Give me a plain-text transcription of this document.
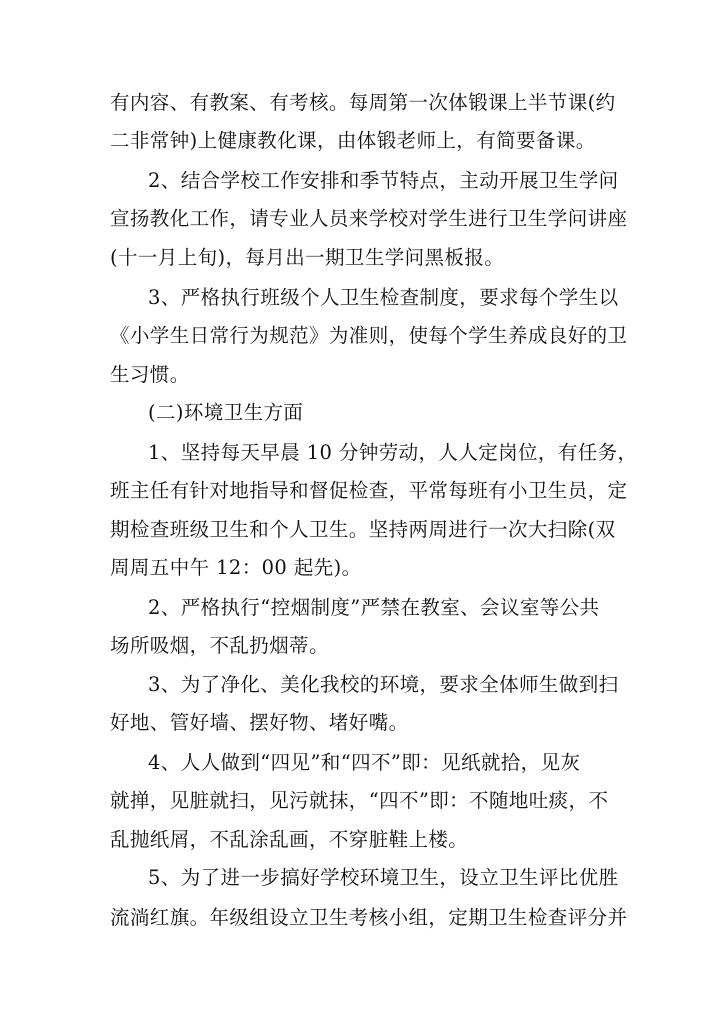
有内容、有教案、有考核。每周第一次体锻课上半节课(约
二非常钟)上健康教化课，由体锻老师上，有简要备课。
2、结合学校工作安排和季节特点，主动开展卫生学问
宣扬教化工作，请专业人员来学校对学生进行卫生学问讲座
(十一月上旬)，每月出一期卫生学问黑板报。
3、严格执行班级个人卫生检查制度，要求每个学生以
《小学生日常行为规范》为准则，使每个学生养成良好的卫
生习惯。
(二)环境卫生方面
1、坚持每天早晨 10 分钟劳动，人人定岗位，有任务，
班主任有针对地指导和督促检查，平常每班有小卫生员，定
期检查班级卫生和个人卫生。坚持两周进行一次大扫除(双
周周五中午 12：00 起先)。
2、严格执行“控烟制度”严禁在教室、会议室等公共
场所吸烟，不乱扔烟蒂。
3、为了净化、美化我校的环境，要求全体师生做到扫
好地、管好墙、摆好物、堵好嘴。
4、人人做到“四见”和“四不”即：见纸就拾，见灰
就掸，见脏就扫，见污就抹，“四不”即：不随地吐痰，不
乱抛纸屑，不乱涂乱画，不穿脏鞋上楼。
5、为了进一步搞好学校环境卫生，设立卫生评比优胜
流淌红旗。年级组设立卫生考核小组，定期卫生检查评分并
